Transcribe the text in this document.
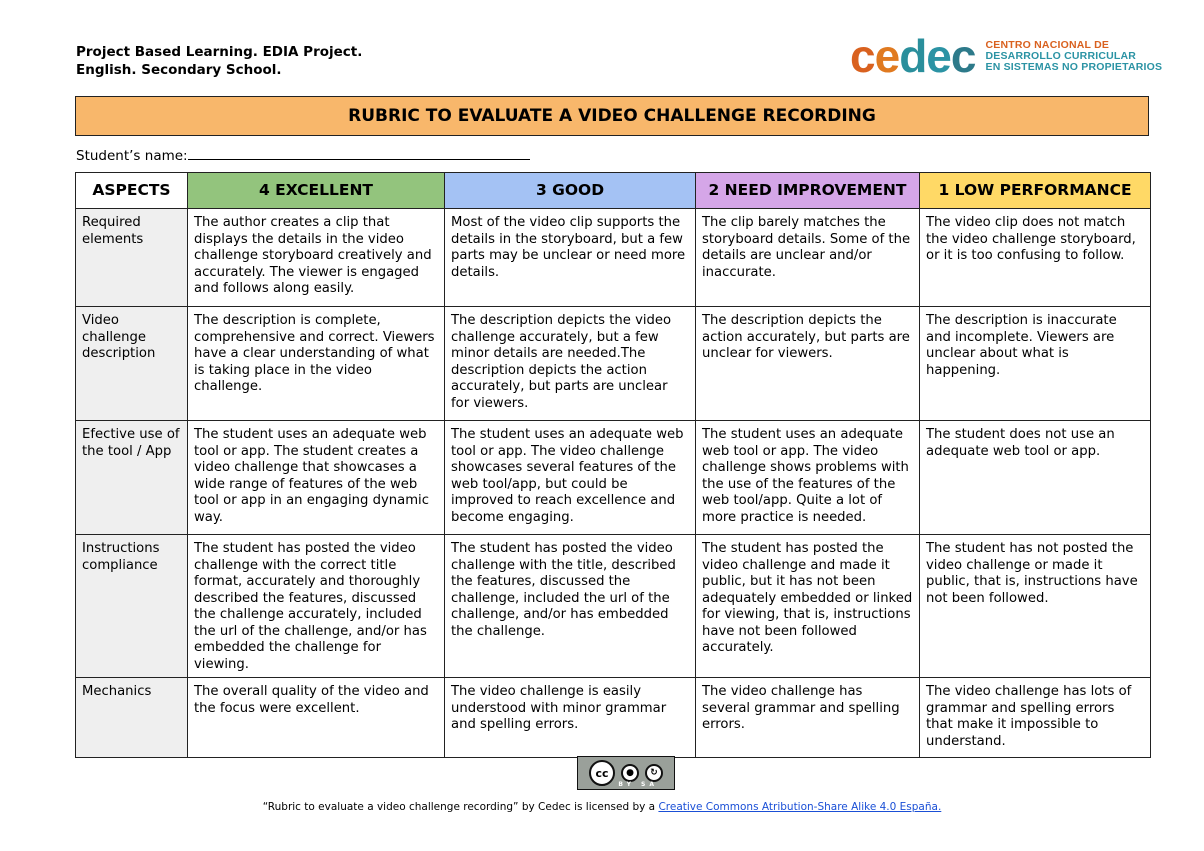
Project Based Learning. EDIA Project.
English. Secondary School.	cedec CENTRO NACIONAL DE
DESARROLLO CURRICULAR
EN SISTEMAS NO PROPIETARIOS
RUBRIC TO EVALUATE A VIDEO CHALLENGE RECORDING
Student’s name:
ASPECTS	4 EXCELLENT	3 GOOD	2 NEED IMPROVEMENT	1 LOW PERFORMANCE
Required elements	The author creates a clip that displays the details in the video challenge storyboard creatively and accurately. The viewer is engaged and follows along easily.	Most of the video clip supports the details in the storyboard, but a few parts may be unclear or need more details.	The clip barely matches the storyboard details. Some of the details are unclear and/or inaccurate.	The video clip does not match the video challenge storyboard, or it is too confusing to follow.
Video challenge description	The description is complete, comprehensive and correct. Viewers have a clear understanding of what is taking place in the video challenge.	The description depicts the video challenge accurately, but a few minor details are needed.The description depicts the action accurately, but parts are unclear for viewers.	The description depicts the action accurately, but parts are unclear for viewers.	The description is inaccurate and incomplete. Viewers are unclear about what is happening.
Efective use of the tool / App	The student uses an adequate web tool or app. The student creates a video challenge that showcases a wide range of features of the web tool or app in an engaging dynamic way.	The student uses an adequate web tool or app. The video challenge showcases several features of the web tool/app, but could be improved to reach excellence and become engaging.	The student uses an adequate web tool or app. The video challenge shows problems with the use of the features of the web tool/app. Quite a lot of more practice is needed.	The student does not use an adequate web tool or app.
Instructions compliance	The student has posted the video challenge with the correct title format, accurately and thoroughly described the features, discussed the challenge accurately, included the url of the challenge, and/or has embedded the challenge for viewing.	The student has posted the video challenge with the title, described the features, discussed the challenge, included the url of the challenge, and/or has embedded the challenge.	The student has posted the video challenge and made it public, but it has not been adequately embedded or linked for viewing, that is, instructions have not been followed accurately.	The student has not posted the video challenge or made it public, that is, instructions have not been followed.
Mechanics	The overall quality of the video and the focus were excellent.	The video challenge is easily understood with minor grammar and spelling errors.	The video challenge has several grammar and spelling errors.	The video challenge has lots of grammar and spelling errors that make it impossible to understand.
cc	●	↻
BY SA
“Rubric to evaluate a video challenge recording” by Cedec is licensed by a Creative Commons Atribution-Share Alike 4.0 España.
